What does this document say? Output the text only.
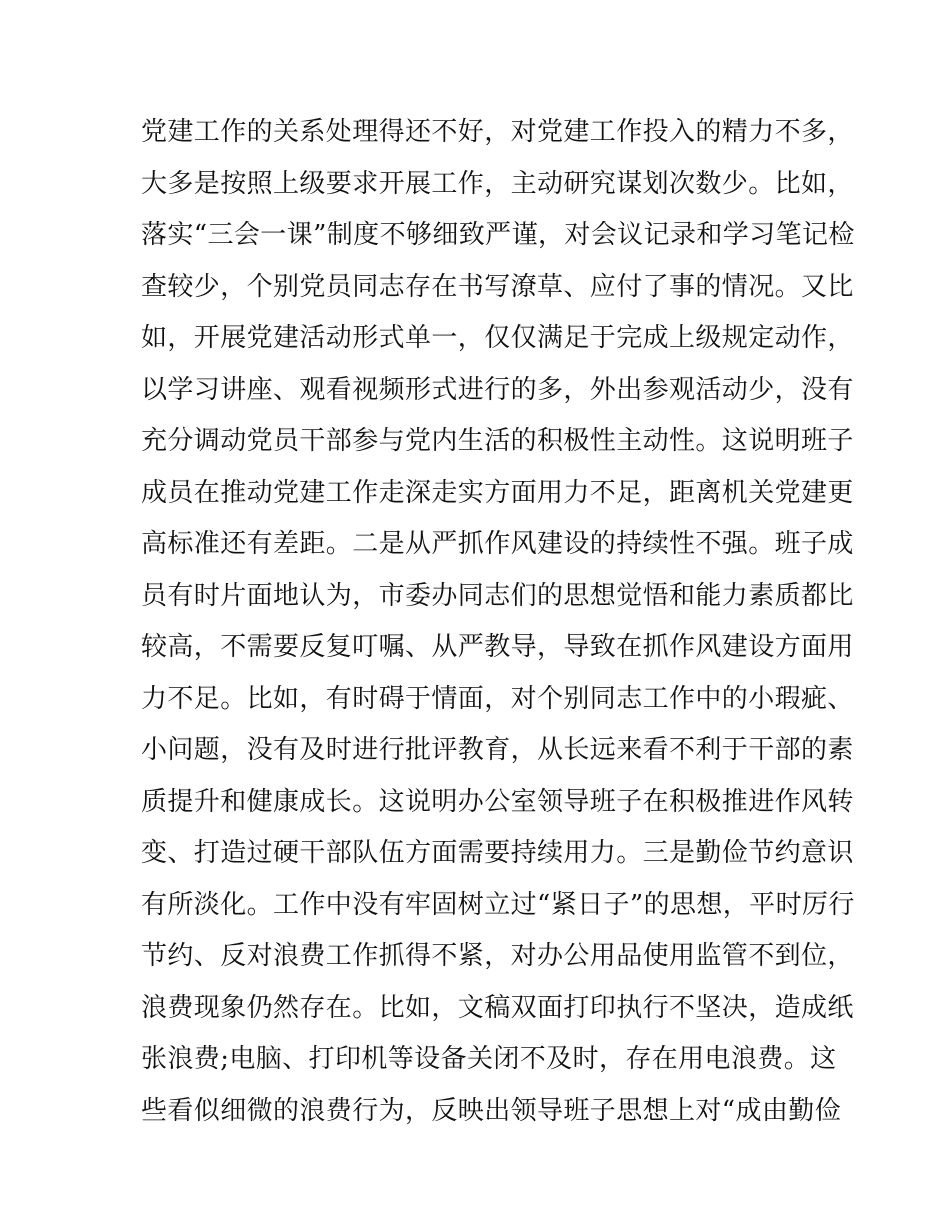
党建工作的关系处理得还不好，对党建工作投入的精力不多，
大多是按照上级要求开展工作，主动研究谋划次数少。比如，
落实“三会一课”制度不够细致严谨，对会议记录和学习笔记检
查较少，个别党员同志存在书写潦草、应付了事的情况。又比
如，开展党建活动形式单一，仅仅满足于完成上级规定动作，
以学习讲座、观看视频形式进行的多，外出参观活动少，没有
充分调动党员干部参与党内生活的积极性主动性。这说明班子
成员在推动党建工作走深走实方面用力不足，距离机关党建更
高标准还有差距。二是从严抓作风建设的持续性不强。班子成
员有时片面地认为，市委办同志们的思想觉悟和能力素质都比
较高，不需要反复叮嘱、从严教导，导致在抓作风建设方面用
力不足。比如，有时碍于情面，对个别同志工作中的小瑕疵、
小问题，没有及时进行批评教育，从长远来看不利于干部的素
质提升和健康成长。这说明办公室领导班子在积极推进作风转
变、打造过硬干部队伍方面需要持续用力。三是勤俭节约意识
有所淡化。工作中没有牢固树立过“紧日子”的思想，平时厉行
节约、反对浪费工作抓得不紧，对办公用品使用监管不到位，
浪费现象仍然存在。比如，文稿双面打印执行不坚决，造成纸
张浪费;电脑、打印机等设备关闭不及时，存在用电浪费。这
些看似细微的浪费行为，反映出领导班子思想上对“成由勤俭
